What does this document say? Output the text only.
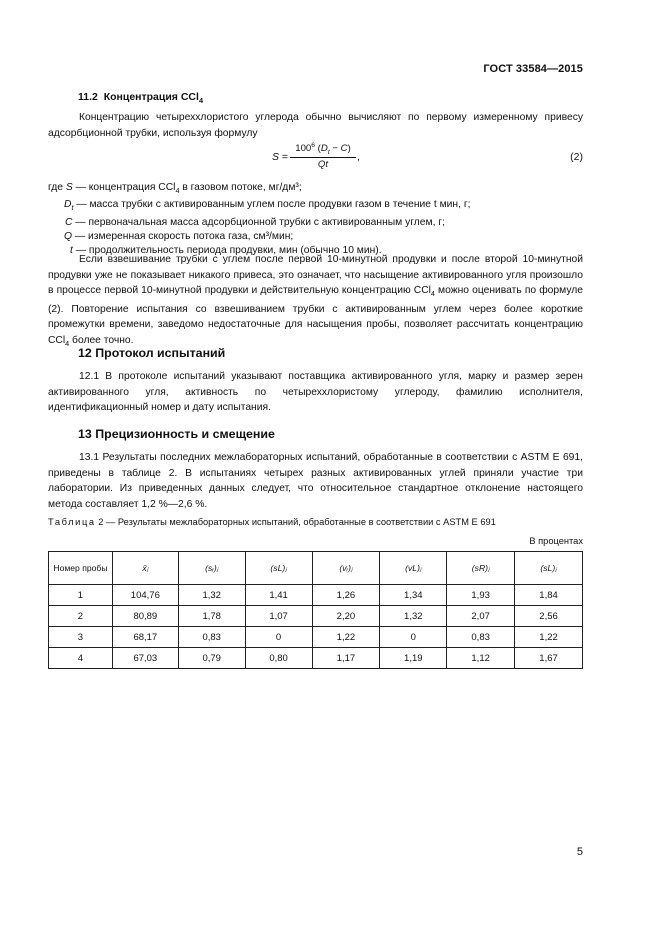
ГОСТ 33584—2015
11.2 Концентрация CCl$_4$
Концентрацию четыреххлористого углерода обычно вычисляют по первому измеренному привесу адсорбционной трубки, используя формулу
$S = \frac{100^6 (D_t - C)}{Qt}$ ,	(2)
где S — концентрация CCl$_4$ в газовом потоке, мг/дм³;
$D_t$ — масса трубки с активированным углем после продувки газом в течение t мин, г;
C — первоначальная масса адсорбционной трубки с активированным углем, г;
Q — измеренная скорость потока газа, см³/мин;
t — продолжительность периода продувки, мин (обычно 10 мин).
Если взвешивание трубки с углем после первой 10-минутной продувки и после второй 10-минутной продувки уже не показывает никакого привеса, это означает, что насыщение активированного угля произошло в процессе первой 10-минутной продувки и действительную концентрацию CCl$_4$ можно оценивать по формуле (2). Повторение испытания со взвешиванием трубки с активированным углем через более короткие промежутки времени, заведомо недостаточные для насыщения пробы, позволяет рассчитать концентрацию CCl$_4$ более точно.
12 Протокол испытаний
12.1 В протоколе испытаний указывают поставщика активированного угля, марку и размер зерен активированного угля, активность по четыреххлористому углероду, фамилию исполнителя, идентификационный номер и дату испытания.
13 Прецизионность и смещение
13.1 Результаты последних межлабораторных испытаний, обработанные в соответствии с ASTM E 691, приведены в таблице 2. В испытаниях четырех разных активированных углей приняли участие три лаборатории. Из приведенных данных следует, что относительное стандартное отклонение настоящего метода составляет 1,2 %—2,6 %.
Таблица 2 — Результаты межлабораторных испытаний, обработанные в соответствии с ASTM E 691
В процентах
Номер пробы	x̄ⱼ	(sᵣ)ⱼ	(sL)ⱼ	(vᵣ)ⱼ	(vL)ⱼ	(sR)ⱼ	(sL)ⱼ
1	104,76	1,32	1,41	1,26	1,34	1,93	1,84
2	80,89	1,78	1,07	2,20	1,32	2,07	2,56
3	68,17	0,83	0	1,22	0	0,83	1,22
4	67,03	0,79	0,80	1,17	1,19	1,12	1,67
5
